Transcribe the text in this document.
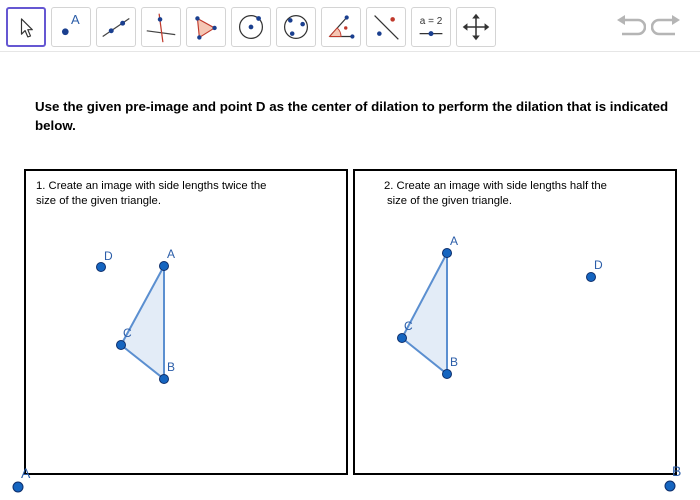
A	a = 2
Use the given pre-image and point D as the center of dilation to perform the dilation that is indicated below.
1. Create an image with side lengths twice the
size of the given triangle.
2. Create an image with side lengths half the
size of the given triangle.
D	A
B
C
D
A
B
C
A	B
